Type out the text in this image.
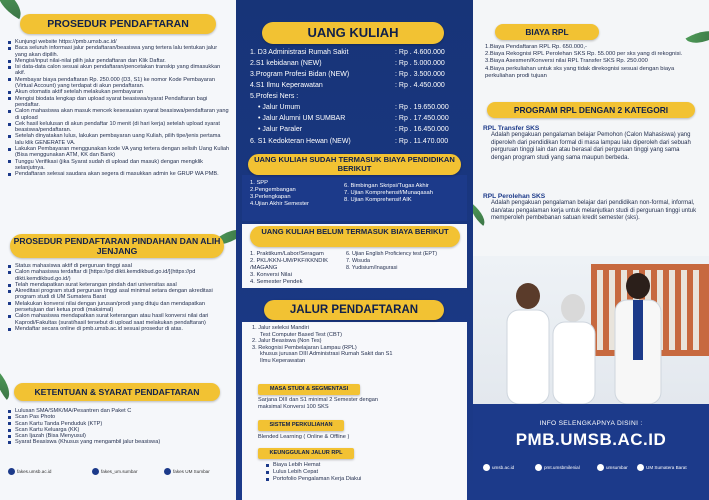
PROSEDUR PENDAFTARAN
Kunjungi website https://pmb.umsb.ac.id/
Baca seluruh informasi jalur pendaftaran/beasiswa yang tertera lalu tentukan jalur yang akan dipilih.
Mengisi/input nilai-nilai pilih jalur pendaftaran dan Klik Daftar.
Isi data-data calon sesuai akun pendaftaran/pencetakan transkip yang dimasukkan akif.
Membayar biaya pendaftaran Rp. 250.000 (D3, S1) ke nomor Kode Pembayaran (Virtual Account) yang terdapat di akun pendaftaran.
Akun otomatis aktif setelah melakukan pembayaran
Mengisi biodata lengkap dan upload syarat beasiswa/syarat Pendaftaran bagi pendaftar.
Calon mahasiswa akan masuk mencek kesesuaian syarat beasiswa/pendaftaran yang di upload
Cek hasil kelulusan di akun pendaftar 10 menit (di hari kerja) setelah upload syarat beasiswa/pendaftaran.
Setelah dinyatakan lulus, lakukan pembayaran uang Kuliah, pilih tipe/jenis pertama lalu klik GENERATE VA.
Lakukan Pembayaran menggunakan kode VA yang tertera dengan selisih Uang Kuliah (Bisa menggunakan ATM, KK dan Bank)
Tunggu Verifikasi (jika Syarat sudah di upload dan masuk) dengan mengklik selanjutnya.
Pendaftaran selesai saudara akan segera di masukkan admin ke GRUP WA PMB.
PROSEDUR PENDAFTARAN PINDAHAN DAN ALIH JENJANG
Status mahasiswa aktif di perguruan tinggi asal
Calon mahasiswa terdaftar di [https://pd dikti.kemdikbud.go.id/](https://pd dikti.kemdikbud.go.id/)
Telah mendapatkan surat keterangan pindah dari universitas asal
Akreditasi program studi perguruan tinggi asal minimal setara dengan akreditasi program studi di UM Sumatera Barat
Melakukan konversi nilai dengan jurusan/prodi yang dituju dan mendapatkan persetujuan dari ketua prodi (maksimal)
Calon mahasiswa mendapatkan surat keterangan atau hasil konversi nilai dari Kaprodi/Fakultas (surat/hasil tersebut di upload saat melakukan pendaftaran)
Mendaftar secara online di pmb.umsb.ac.id sesuai prosedur di atas.
KETENTUAN & SYARAT PENDAFTARAN
Lulusan SMA/SMK/MA/Pesantren dan Paket C
Scan Pas Photo
Scan Kartu Tanda Penduduk (KTP)
Scan Kartu Keluarga (KK)
Scan Ijazah (Bisa Menyusul)
Syarat Beasiswa (Khusus yang mengambil jalur beasiswa)
fakes.umsb.ac.id	fakes_um.sumbar	fakes UM Sumbar
UANG KULIAH
1. D3 Administrasi Rumah Sakit	: Rp . 4.600.000
2.S1 kebidanan (NEW)	: Rp . 5.000.000
3.Program Profesi Bidan (NEW)	: Rp . 3.500.000
4.S1 Ilmu Keperawatan	: Rp . 4.450.000
5.Profesi Ners :
• Jalur Umum	: Rp . 19.650.000
• Jalur Alumni UM SUMBAR	: Rp . 17.450.000
• Jalur Paraler	: Rp . 16.450.000
6. S1 Kedokteran Hewan (NEW)	: Rp . 11.470.000
UANG KULIAH SUDAH TERMASUK BIAYA PENDIDIKAN BERIKUT
1. SPP
2.Pengembangan
3.Perlengkapan
4.Ujian Akhir Semester
6. Bimbingan Skripsi/Tugas Akhir
7. Ujian Komprehensif/Munaqasah
8. Ujian Komprehensif AIK
UANG KULIAH BELUM TERMASUK BIAYA BERIKUT
1. Praktikum/Labor/Seragam
2. PKL/KKN-UM/PKF/KKNDIK /MAGANG
3. Konversi Nilai
4. Semester Pendek
6. Ujian English Proficiency test (EPT)
7. Wisuda
8. Yudisium/Inagurasi
JALUR PENDAFTARAN
1. Jalur seleksi Mandiri
Test Computer Based Test (CBT)
2. Jalur Beasiswa (Non Tes)
3. Rekognisi Pembelajaran Lampau (RPL)
khusus jurusan DIII Administrasi Rumah Sakit dan S1 Ilmu Keperawatan
MASA STUDI & SEGMENTASI
Sarjana DIII dan S1 minimal 2 Semester dengan maksimal Konversi 100 SKS
SISTEM PERKULIAHAN
Blended Learning ( Online & Offline )
KEUNGGULAN JALUR RPL
Biaya Lebih Hemat
Lulus Lebih Cepat
Portofolio Pengalaman Kerja Diakui
BIAYA RPL
1.Biaya Pendaftaran RPL Rp. 650.000,-
2.Biaya Rekognisi RPL Perolehan SKS Rp. 55.000 per sks yang di rekognisi.
3.Biaya Asesmen/Konversi nilai RPL Transfer SKS Rp. 250.000
4.Biaya perkuliahan untuk sks yang tidak direkognisi sesuai dengan biaya perkuliahan prodi tujuan
PROGRAM RPL DENGAN 2 KATEGORI
RPL Transfer SKS
Adalah pengakuan pengalaman belajar Pemohon (Calon Mahasiswa) yang diperoleh dari pendidikan formal di masa lampau lalu diperoleh dari sebuah perguruan tinggi lain dan atau berasal dari perguruan tinggi yang sama dengan program studi yang sama maupun berbeda.
RPL Perolehan SKS
Adalah pengakuan pengalaman belajar dari pendidikan non-formal, informal, dan/atau pengalaman kerja untuk melanjutkan studi di perguruan tinggi untuk memperoleh pembebanan satuan kredit semester (sks).
INFO SELENGKAPNYA DISINI :
PMB.UMSB.AC.ID
umsb.ac.id	pmt.umsbmilenial	umsumbar	UM Sumatera Barat
